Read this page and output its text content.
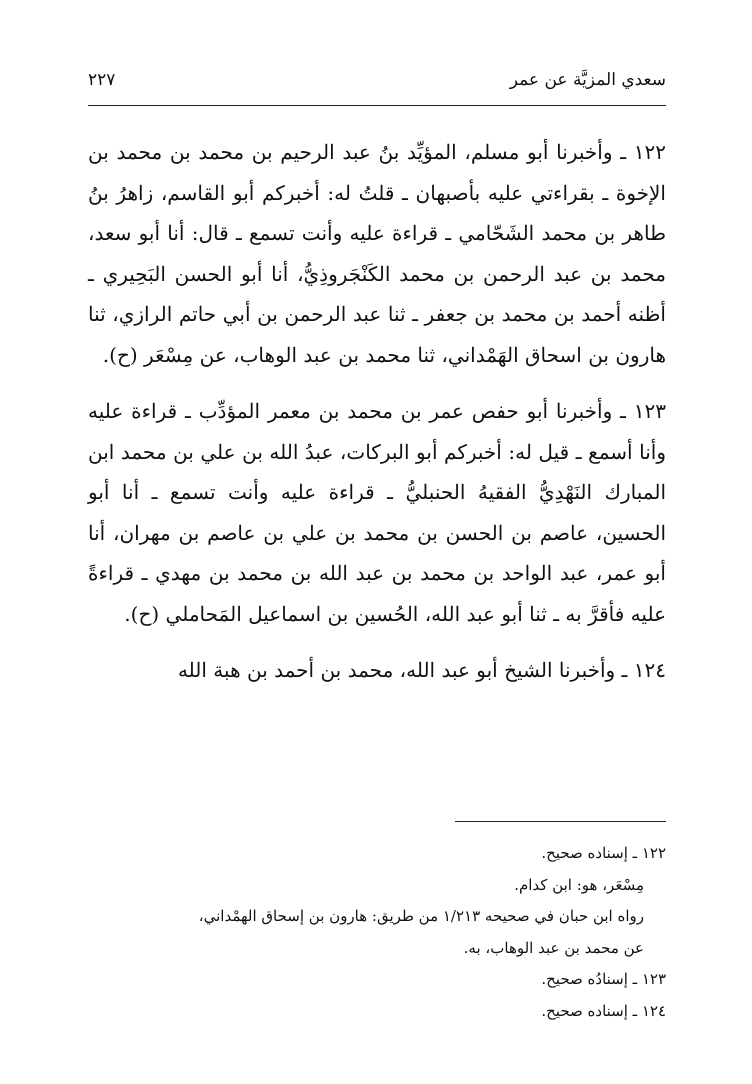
سعدي المزيَّة عن عمر
٢٢٧

١٢٢ ـ وأخبرنا أبو مسلم، المؤيِّد بنُ عبد الرحيم بن محمد بن محمد بن الإخوة ـ بقراءتي عليه بأصبهان ـ قلتُ له: أخبركم أبو القاسم، زاهرُ بنُ طاهر بن محمد الشَحّامي ـ قراءة عليه وأنت تسمع ـ قال: أنا أبو سعد، محمد بن عبد الرحمن بن محمد الكَنْجَروذِيُّ، أنا أبو الحسن البَحِيري ـ أظنه أحمد بن محمد بن جعفر ـ ثنا عبد الرحمن بن أبي حاتم الرازي، ثنا هارون بن اسحاق الهَمْداني، ثنا محمد بن عبد الوهاب، عن مِسْعَر (ح).

١٢٣ ـ وأخبرنا أبو حفص عمر بن محمد بن معمر المؤدِّب ـ قراءة عليه وأنا أسمع ـ قيل له: أخبركم أبو البركات، عبدُ الله بن علي بن محمد ابن المبارك النَهْدِيُّ الفقيهُ الحنبليُّ ـ قراءة عليه وأنت تسمع ـ أنا أبو الحسين، عاصم بن الحسن بن محمد بن علي بن عاصم بن مهران، أنا أبو عمر، عبد الواحد بن محمد بن عبد الله بن محمد بن مهدي ـ قراءةً عليه فأقرَّ به ـ ثنا أبو عبد الله، الحُسين بن اسماعيل المَحاملي (ح).

١٢٤ ـ وأخبرنا الشيخ أبو عبد الله، محمد بن أحمد بن هبة الله

١٢٢ ـ إسناده صحيح.

مِسْعَر، هو: ابن كدام.

رواه ابن حبان في صحيحه ١/٢١٣ من طريق: هارون بن إسحاق الهمْداني،

عن محمد بن عبد الوهاب، به.

١٢٣ ـ إسنادُه صحيح.

١٢٤ ـ إسناده صحيح.
